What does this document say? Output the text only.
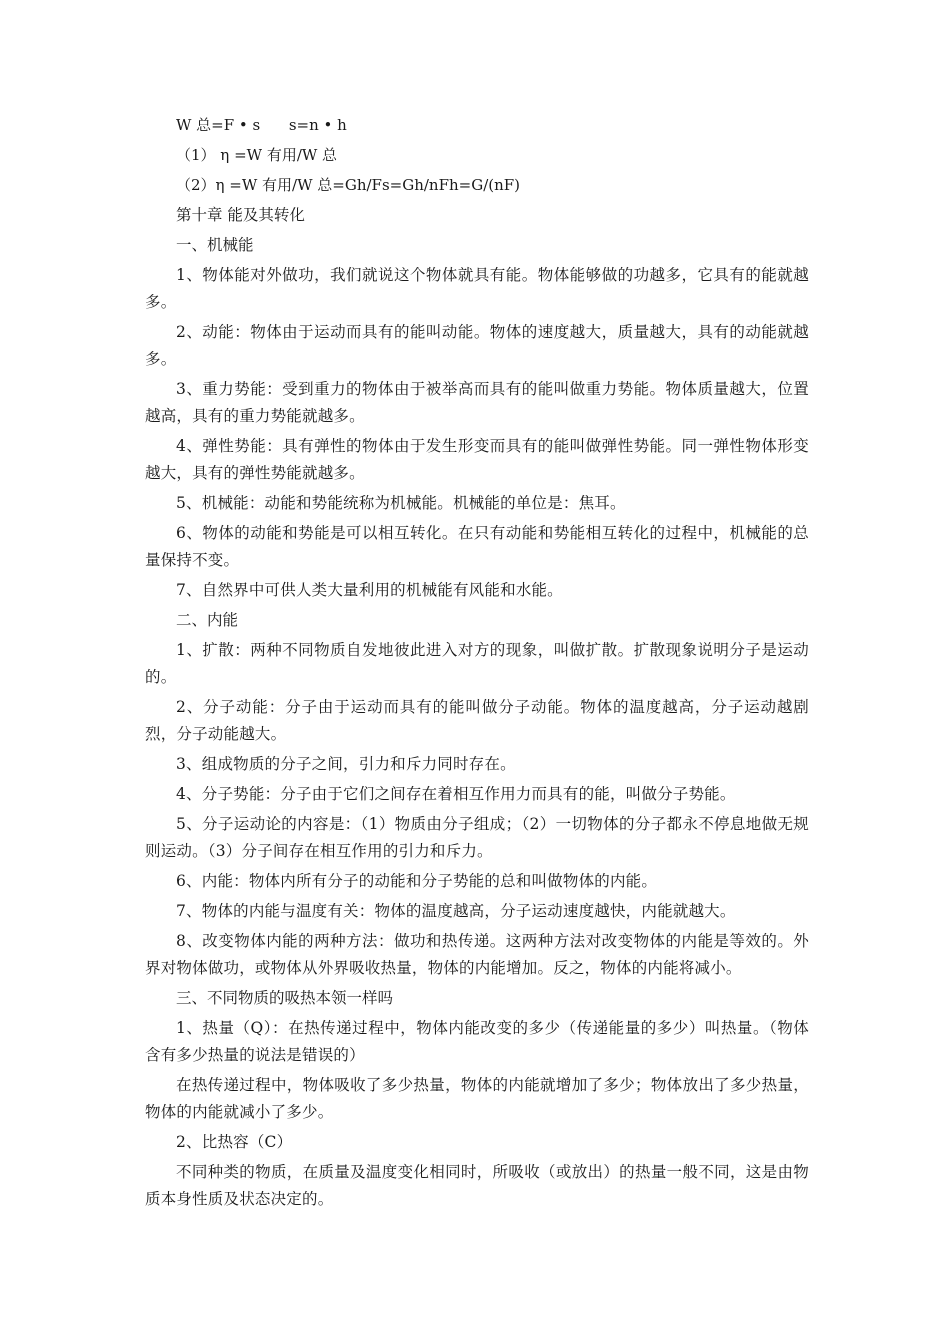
W 总=F • s      s=n • h

（1） η =W 有用/W 总

（2）η =W 有用/W 总=Gh/Fs=Gh/nFh=G/(nF)

第十章 能及其转化

一、机械能

1、物体能对外做功，我们就说这个物体就具有能。物体能够做的功越多，它具有的能就越多。

2、动能：物体由于运动而具有的能叫动能。物体的速度越大，质量越大，具有的动能就越多。

3、重力势能：受到重力的物体由于被举高而具有的能叫做重力势能。物体质量越大，位置越高，具有的重力势能就越多。

4、弹性势能：具有弹性的物体由于发生形变而具有的能叫做弹性势能。同一弹性物体形变越大，具有的弹性势能就越多。

5、机械能：动能和势能统称为机械能。机械能的单位是：焦耳。

6、物体的动能和势能是可以相互转化。在只有动能和势能相互转化的过程中，机械能的总量保持不变。

7、自然界中可供人类大量利用的机械能有风能和水能。

二、内能

1、扩散：两种不同物质自发地彼此进入对方的现象，叫做扩散。扩散现象说明分子是运动的。

2、分子动能：分子由于运动而具有的能叫做分子动能。物体的温度越高，分子运动越剧烈，分子动能越大。

3、组成物质的分子之间，引力和斥力同时存在。

4、分子势能：分子由于它们之间存在着相互作用力而具有的能，叫做分子势能。

5、分子运动论的内容是：（1）物质由分子组成；（2）一切物体的分子都永不停息地做无规则运动。（3）分子间存在相互作用的引力和斥力。

6、内能：物体内所有分子的动能和分子势能的总和叫做物体的内能。

7、物体的内能与温度有关：物体的温度越高，分子运动速度越快，内能就越大。

8、改变物体内能的两种方法：做功和热传递。这两种方法对改变物体的内能是等效的。外界对物体做功，或物体从外界吸收热量，物体的内能增加。反之，物体的内能将减小。

三、不同物质的吸热本领一样吗

1、热量（Q）：在热传递过程中，物体内能改变的多少（传递能量的多少）叫热量。（物体含有多少热量的说法是错误的）

在热传递过程中，物体吸收了多少热量，物体的内能就增加了多少；物体放出了多少热量，物体的内能就减小了多少。

2、比热容（C）

不同种类的物质，在质量及温度变化相同时，所吸收（或放出）的热量一般不同，这是由物质本身性质及状态决定的。
